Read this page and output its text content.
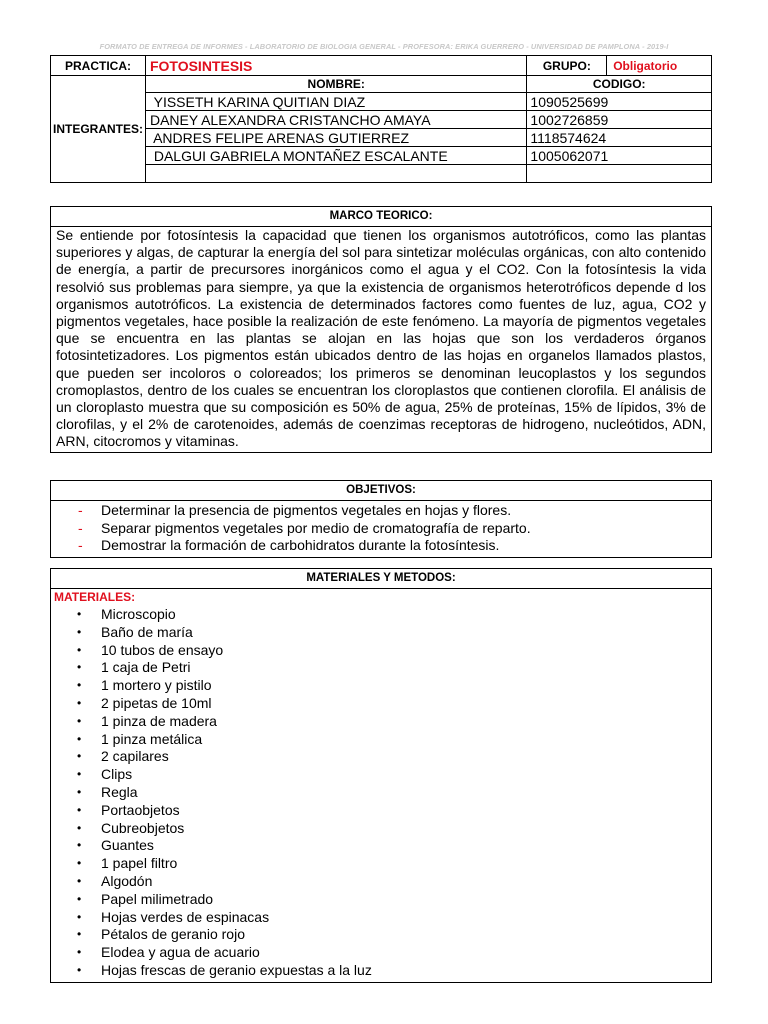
FORMATO DE ENTREGA DE INFORMES - LABORATORIO DE BIOLOGIA GENERAL - PROFESORA: ERIKA GUERRERO - UNIVERSIDAD DE PAMPLONA - 2019-I
PRACTICA:	FOTOSINTESIS	GRUPO:	Obligatorio
INTEGRANTES:	NOMBRE:	CODIGO:	
	YISSETH KARINA QUITIAN DIAZ	1090525699	
	DANEY ALEXANDRA CRISTANCHO AMAYA	1002726859	
	ANDRES FELIPE ARENAS GUTIERREZ	1118574624	
	DALGUI GABRIELA MONTAÑEZ ESCALANTE	1005062071	

MARCO TEORICO:
Se entiende por fotosíntesis la capacidad que tienen los organismos autotróficos, como las plantas superiores y algas, de capturar la energía del sol para sintetizar moléculas orgánicas, con alto contenido de energía, a partir de precursores inorgánicos como el agua y el CO2. Con la fotosíntesis la vida resolvió sus problemas para siempre, ya que la existencia de organismos heterotróficos depende d los organismos autotróficos. La existencia de determinados factores como fuentes de luz, agua, CO2 y pigmentos vegetales, hace posible la realización de este fenómeno. La mayoría de pigmentos vegetales que se encuentra en las plantas se alojan en las hojas que son los verdaderos órganos fotosintetizadores. Los pigmentos están ubicados dentro de las hojas en organelos llamados plastos, que pueden ser incoloros o coloreados; los primeros se denominan leucoplastos y los segundos cromoplastos, dentro de los cuales se encuentran los cloroplastos que contienen clorofila. El análisis de un cloroplasto muestra que su composición es 50% de agua, 25% de proteínas, 15% de lípidos, 3% de clorofilas, y el 2% de carotenoides, además de coenzimas receptoras de hidrogeno, nucleótidos, ADN, ARN, citocromos y vitaminas.
OBJETIVOS:
- Determinar la presencia de pigmentos vegetales en hojas y flores.
- Separar pigmentos vegetales por medio de cromatografía de reparto.
- Demostrar la formación de carbohidratos durante la fotosíntesis.
MATERIALES Y METODOS:
MATERIALES:
• Microscopio
• Baño de maría
• 10 tubos de ensayo
• 1 caja de Petri
• 1 mortero y pistilo
• 2 pipetas de 10ml
• 1 pinza de madera
• 1 pinza metálica
• 2 capilares
• Clips
• Regla
• Portaobjetos
• Cubreobjetos
• Guantes
• 1 papel filtro
• Algodón
• Papel milimetrado
• Hojas verdes de espinacas
• Pétalos de geranio rojo
• Elodea y agua de acuario
• Hojas frescas de geranio expuestas a la luz
